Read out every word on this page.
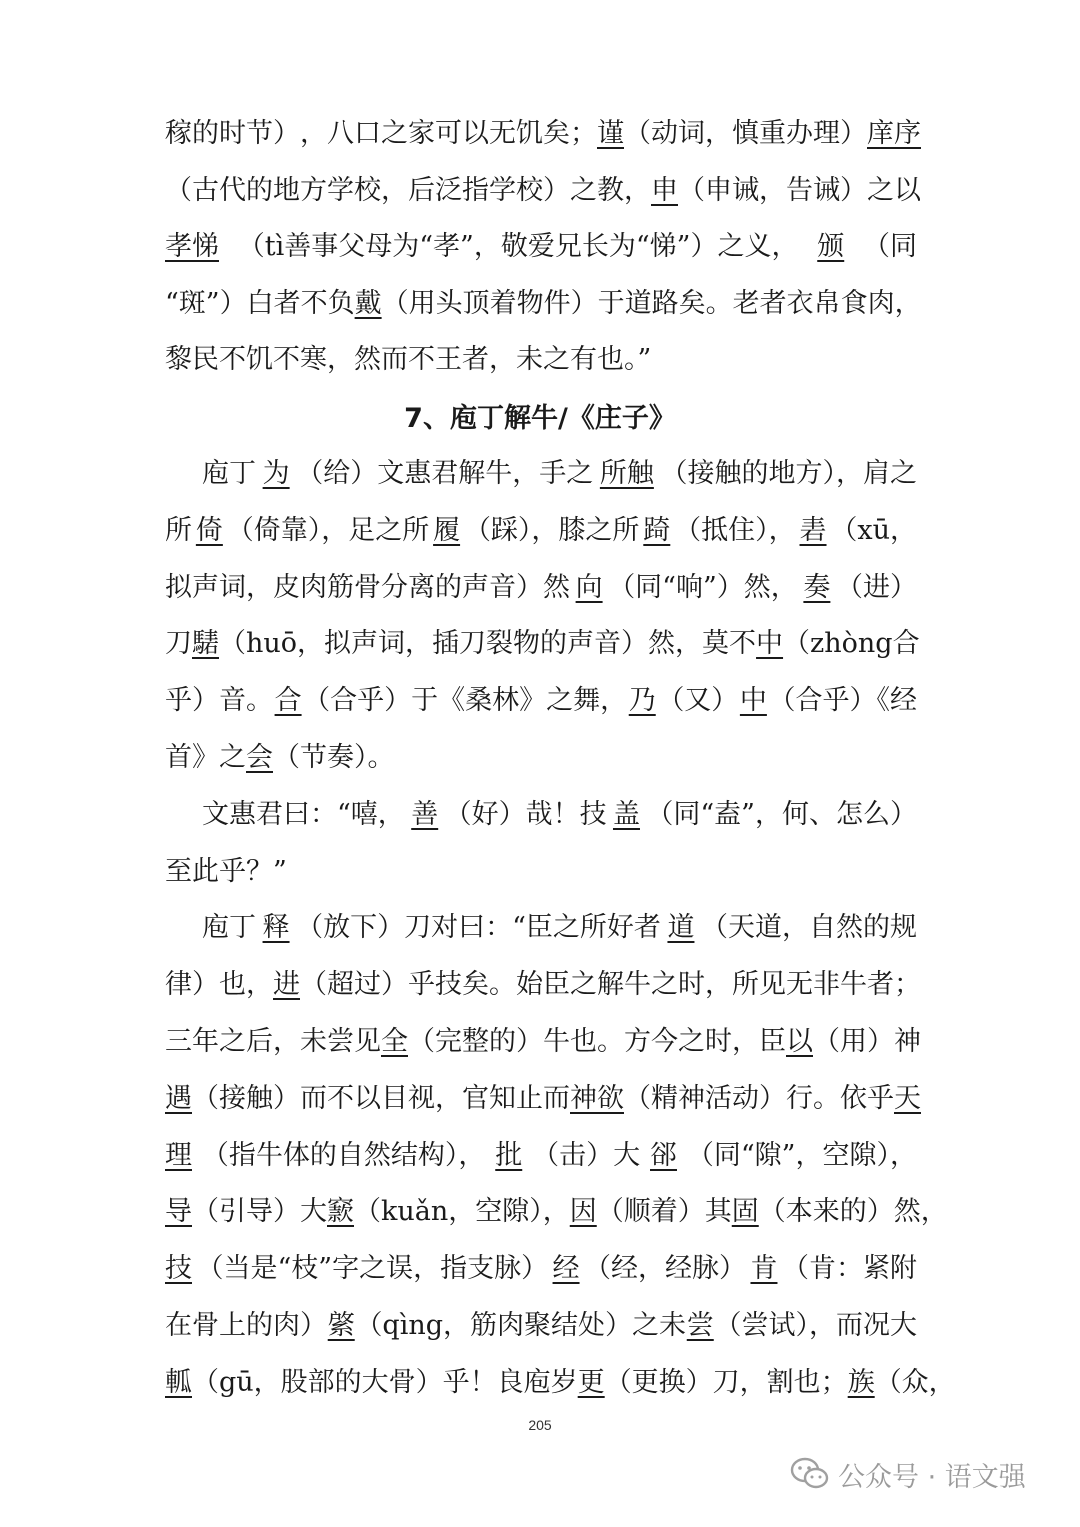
稼的时节） ，八口之家可以无饥矣； 谨 （动词，慎重办理） 庠序
（古代的地方学校，后泛指学校）之教， 申 （申诫，告诫）之以
孝悌 （tì善事父母为“孝”，敬爱兄长为“悌”）之义， 颁 （同
“斑”）白者不负 戴 （用头顶着物件）于道路矣。老者衣帛食肉，
黎民不饥不寒，然而不王者，未之有也。”
7、庖丁解牛/《庄子》
庖丁 为 （给）文惠君解牛，手之 所触 （接触的地方），肩之
所 倚 （倚靠），足之所 履 （踩），膝之所 踦 （抵住）， 砉 （xū，
拟声词，皮肉筋骨分离的声音）然 向 （同“响”）然， 奏 （进）
刀 騞 （huō，拟声词，插刀裂物的声音）然，莫不 中 （zhòng合
乎）音。 合 （合乎）于《桑林》之舞， 乃 （又） 中 （合乎）《经
首》之 会 （节奏）。
文惠君曰：“嘻， 善 （好）哉！技 盖 （同“盍”，何、怎么）
至此乎？”
庖丁 释 （放下）刀对曰：“臣之所好者 道 （天道，自然的规
律）也， 进 （超过）乎技矣。始臣之解牛之时，所见无非牛者；
三年之后，未尝见 全 （完整的）牛也。方今之时，臣 以 （用）神
遇 （接触）而不以目视，官知止而 神欲 （精神活动）行。依乎 天
理 （指牛体的自然结构）， 批 （击）大 郤 （同“隙”，空隙），
导 （引导）大 窾 （kuǎn，空隙）， 因 （顺着）其 固 （本来的）然，
技 （当是“枝”字之误，指支脉） 经 （经，经脉） 肯 （肯：紧附
在骨上的肉） 綮 （qìng，筋肉聚结处）之未 尝 （尝试），而况大
軱 （gū，股部的大骨）乎！良庖岁 更 （更换）刀，割也； 族 （众，
205
公众号 · 语文强
